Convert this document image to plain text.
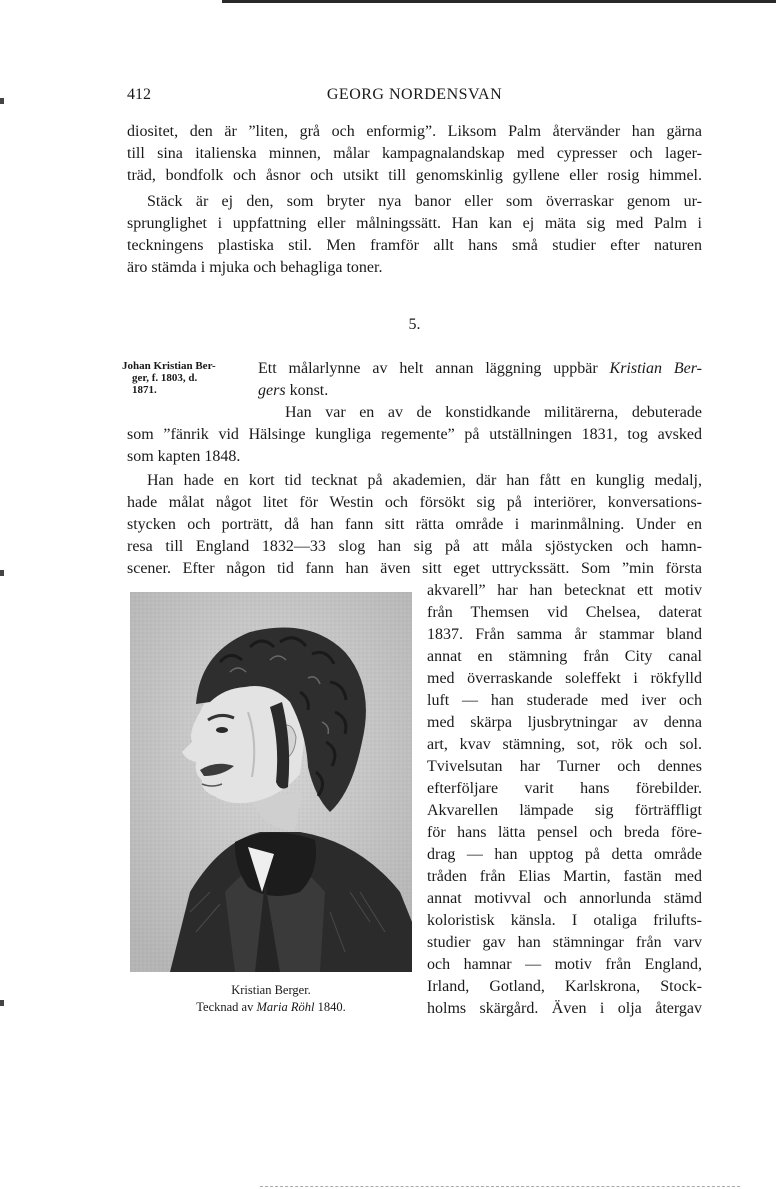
412	GEORG NORDENSVAN
diositet, den är ”liten, grå och enformig”. Liksom Palm återvänder han gärna
till sina italienska minnen, målar kampagnalandskap med cypresser och lager-
träd, bondfolk och åsnor och utsikt till genomskinlig gyllene eller rosig himmel.
Stäck är ej den, som bryter nya banor eller som överraskar genom ur-
sprunglighet i uppfattning eller målningssätt. Han kan ej mäta sig med Palm i
teckningens plastiska stil. Men framför allt hans små studier efter naturen
äro stämda i mjuka och behagliga toner.
5.
Johan Kristian Ber-
ger, f. 1803, d.
1871.
Ett målarlynne av helt annan läggning uppbär Kristian Ber-
gers konst.
Han var en av de konstidkande militärerna, debuterade
som ”fänrik vid Hälsinge kungliga regemente” på utställningen 1831, tog avsked
som kapten 1848.
Han hade en kort tid tecknat på akademien, där han fått en kunglig medalj,
hade målat något litet för Westin och försökt sig på interiörer, konversations-
stycken och porträtt, då han fann sitt rätta område i marinmålning. Under en
resa till England 1832—33 slog han sig på att måla sjöstycken och hamn-
scener. Efter någon tid fann han även sitt eget uttryckssätt. Som ”min första
akvarell” har han betecknat ett motiv
från Themsen vid Chelsea, daterat
1837. Från samma år stammar bland
annat en stämning från City canal
med överraskande soleffekt i rökfylld
luft — han studerade med iver och
med skärpa ljusbrytningar av denna
art, kvav stämning, sot, rök och sol.
Tvivelsutan har Turner och dennes
efterföljare varit hans förebilder.
Akvarellen lämpade sig förträffligt
för hans lätta pensel och breda före-
drag — han upptog på detta område
tråden från Elias Martin, fastän med
annat motivval och annorlunda stämd
koloristisk känsla. I otaliga frilufts-
studier gav han stämningar från varv
och hamnar — motiv från England,
Irland, Gotland, Karlskrona, Stock-
holms skärgård. Även i olja återgav
Kristian Berger.
Tecknad av Maria Röhl 1840.
